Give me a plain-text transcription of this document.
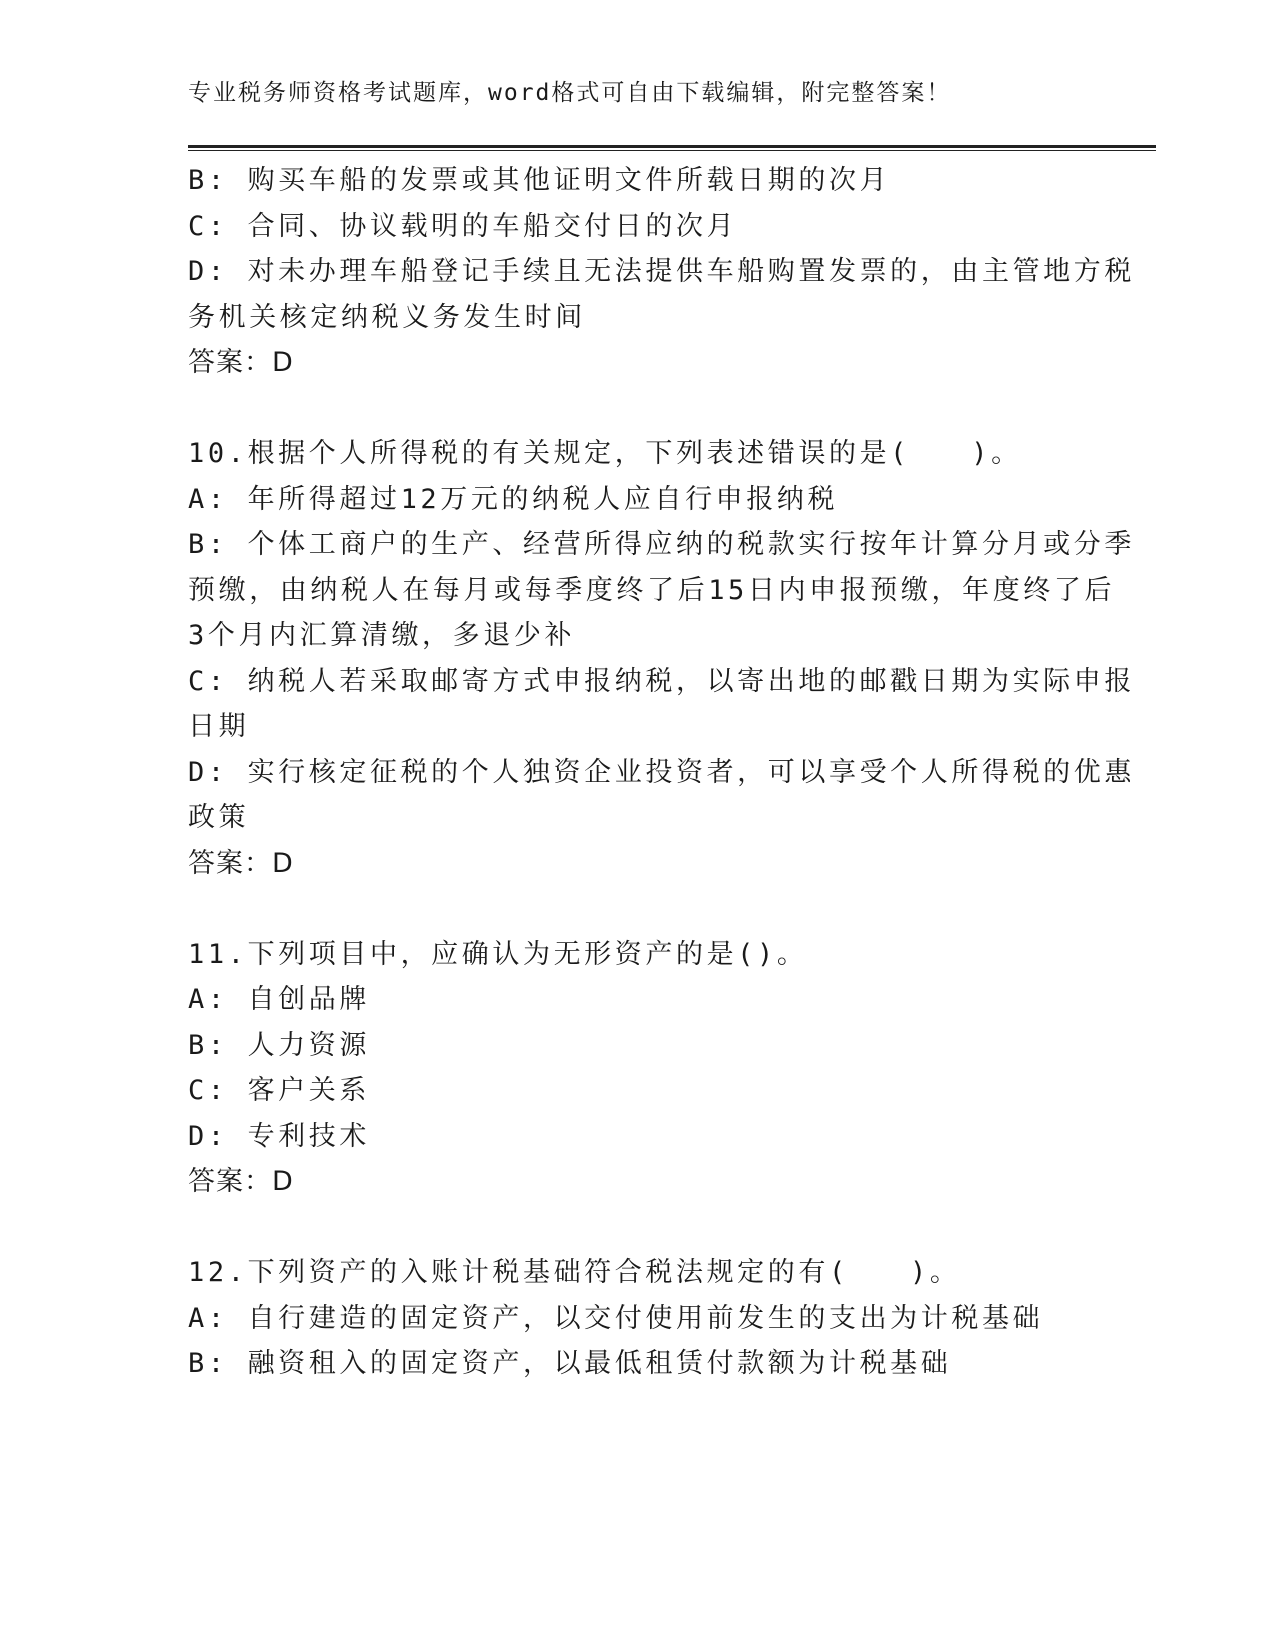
专业税务师资格考试题库，word格式可自由下载编辑，附完整答案！
B: 购买车船的发票或其他证明文件所载日期的次月
C: 合同、协议载明的车船交付日的次月
D: 对未办理车船登记手续且无法提供车船购置发票的，由主管地方税
务机关核定纳税义务发生时间
答案：D
10.根据个人所得税的有关规定，下列表述错误的是(　　)。
A: 年所得超过12万元的纳税人应自行申报纳税
B: 个体工商户的生产、经营所得应纳的税款实行按年计算分月或分季
预缴，由纳税人在每月或每季度终了后15日内申报预缴，年度终了后
3个月内汇算清缴，多退少补
C: 纳税人若采取邮寄方式申报纳税，以寄出地的邮戳日期为实际申报
日期
D: 实行核定征税的个人独资企业投资者，可以享受个人所得税的优惠
政策
答案：D
11.下列项目中，应确认为无形资产的是()。
A: 自创品牌
B: 人力资源
C: 客户关系
D: 专利技术
答案：D
12.下列资产的入账计税基础符合税法规定的有(　　)。
A: 自行建造的固定资产，以交付使用前发生的支出为计税基础
B: 融资租入的固定资产，以最低租赁付款额为计税基础
